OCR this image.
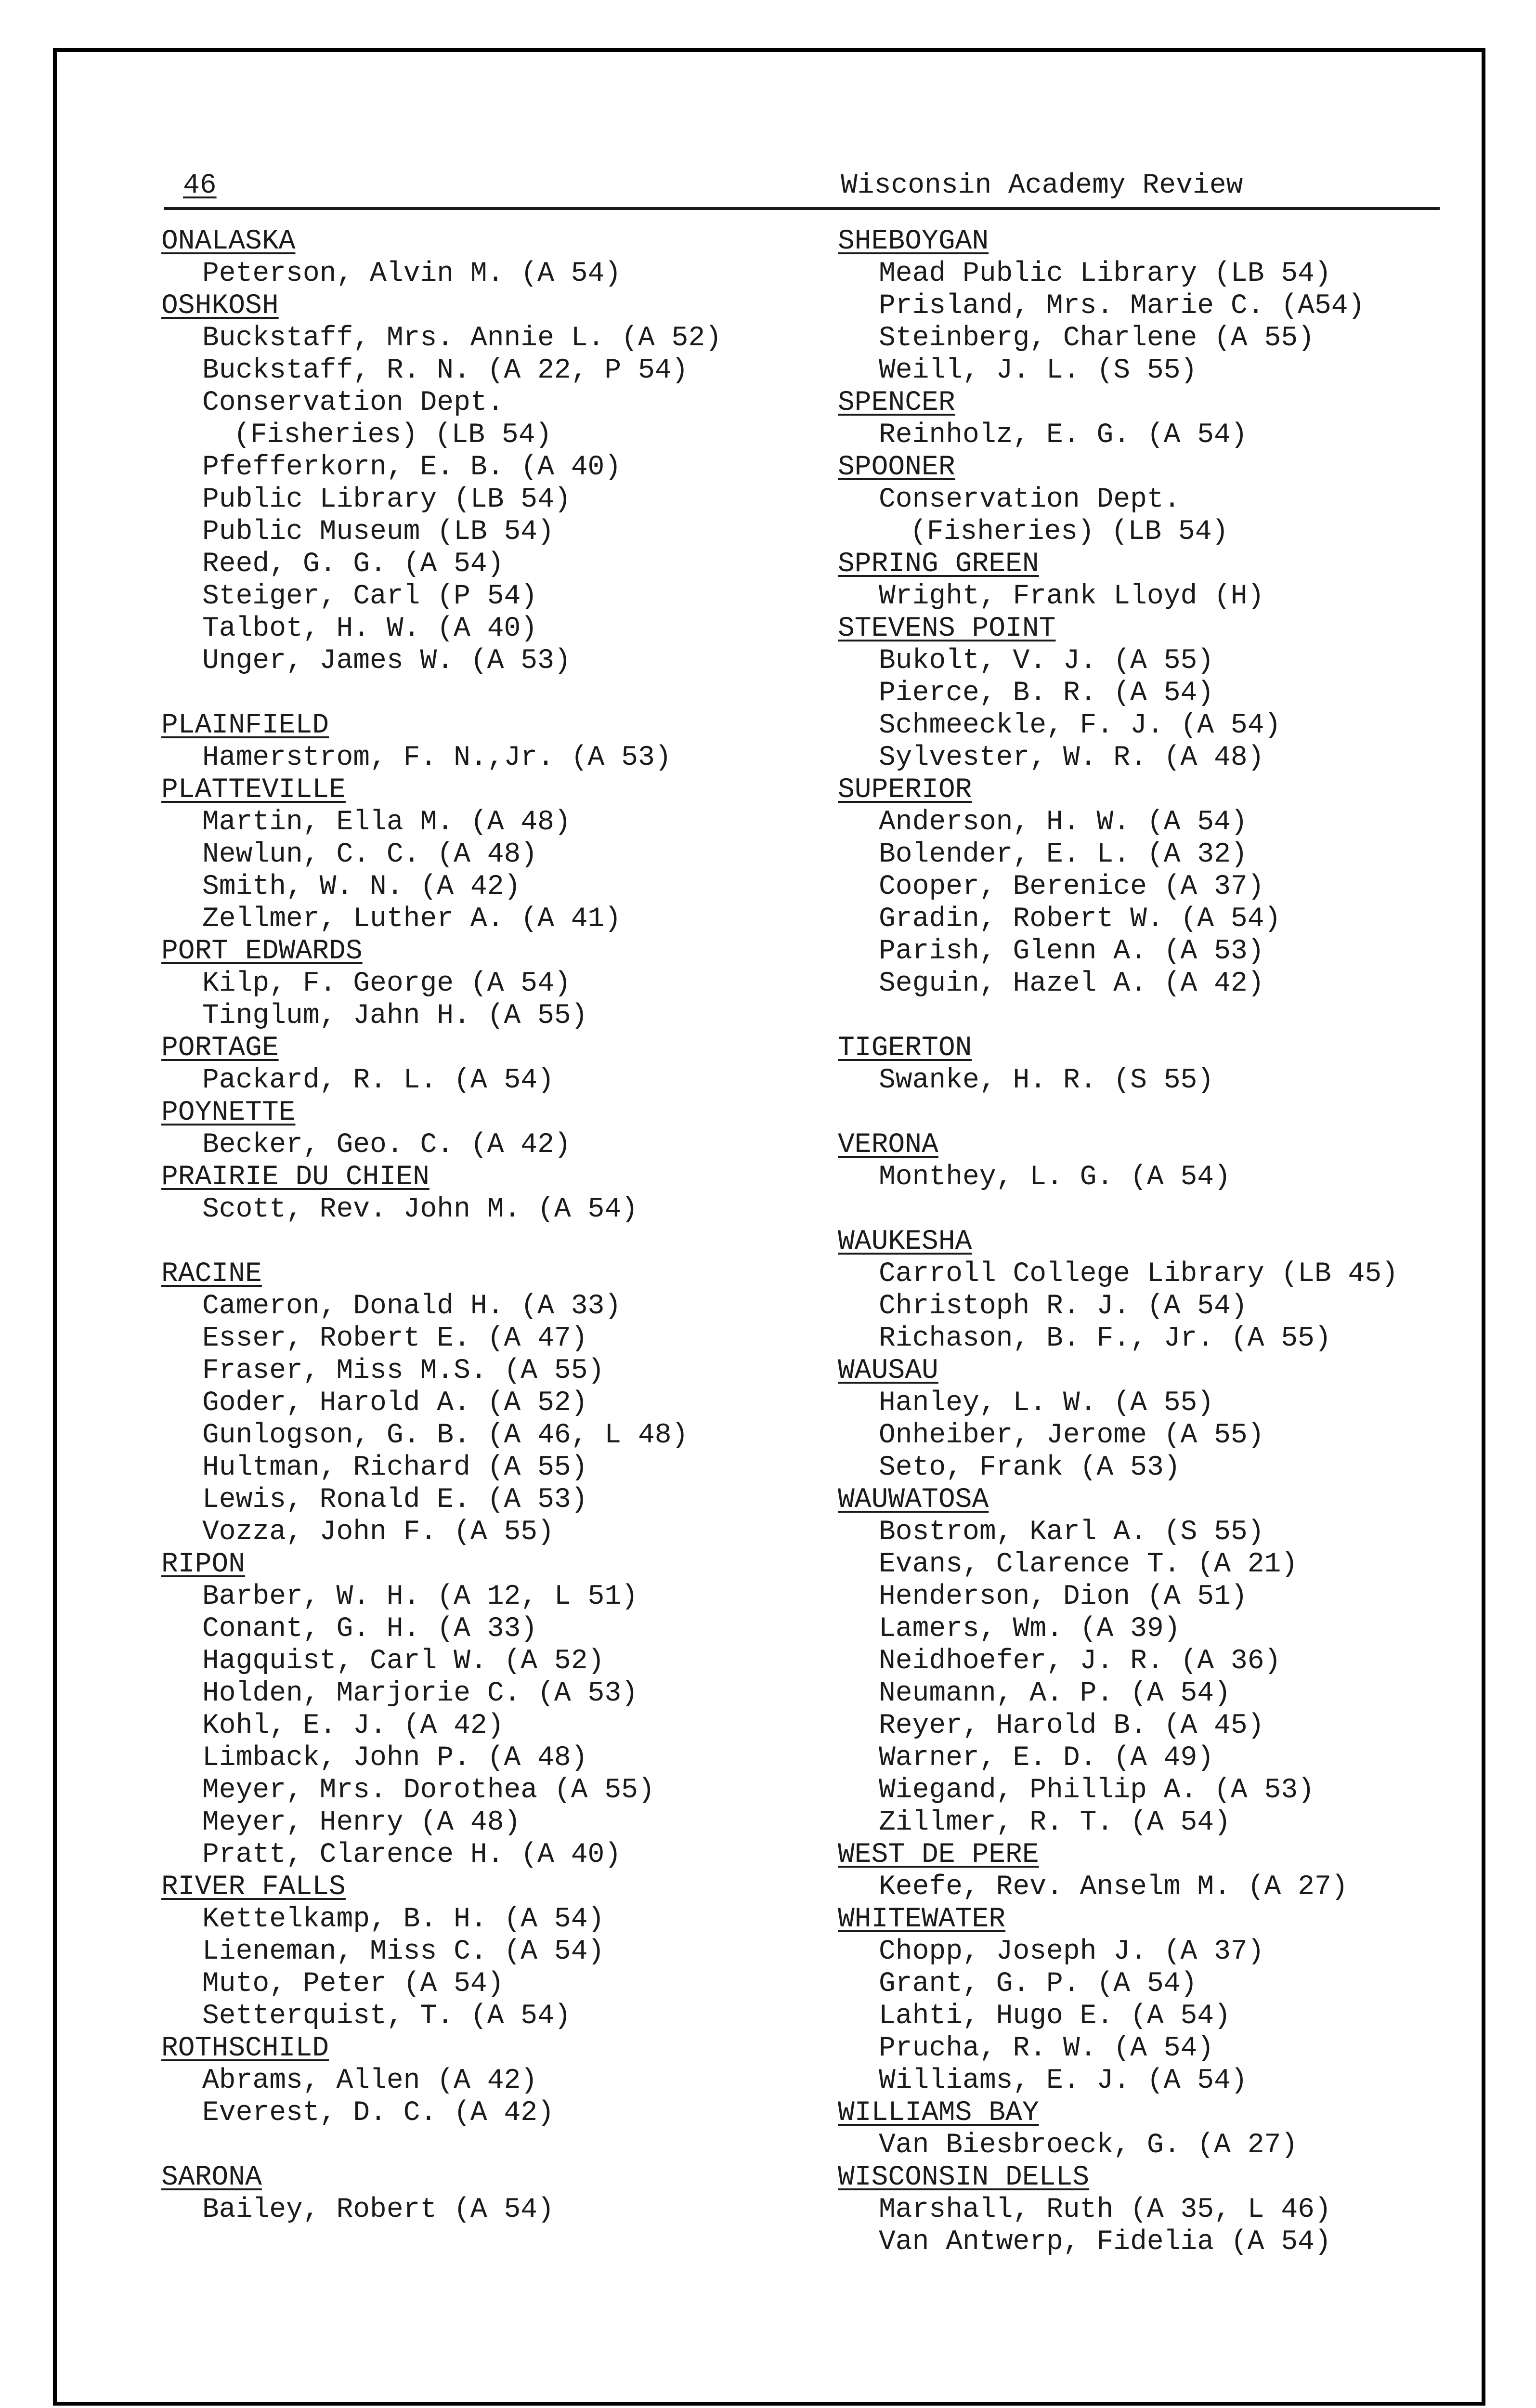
46	Wisconsin Academy Review
ONALASKA
Peterson, Alvin M. (A 54)
OSHKOSH
Buckstaff, Mrs. Annie L. (A 52)
Buckstaff, R. N. (A 22, P 54)
Conservation Dept.
(Fisheries) (LB 54)
Pfefferkorn, E. B. (A 40)
Public Library (LB 54)
Public Museum (LB 54)
Reed, G. G. (A 54)
Steiger, Carl (P 54)
Talbot, H. W. (A 40)
Unger, James W. (A 53)
PLAINFIELD
Hamerstrom, F. N.,Jr. (A 53)
PLATTEVILLE
Martin, Ella M. (A 48)
Newlun, C. C. (A 48)
Smith, W. N. (A 42)
Zellmer, Luther A. (A 41)
PORT EDWARDS
Kilp, F. George (A 54)
Tinglum, Jahn H. (A 55)
PORTAGE
Packard, R. L. (A 54)
POYNETTE
Becker, Geo. C. (A 42)
PRAIRIE DU CHIEN
Scott, Rev. John M. (A 54)
RACINE
Cameron, Donald H. (A 33)
Esser, Robert E. (A 47)
Fraser, Miss M.S. (A 55)
Goder, Harold A. (A 52)
Gunlogson, G. B. (A 46, L 48)
Hultman, Richard (A 55)
Lewis, Ronald E. (A 53)
Vozza, John F. (A 55)
RIPON
Barber, W. H. (A 12, L 51)
Conant, G. H. (A 33)
Hagquist, Carl W. (A 52)
Holden, Marjorie C. (A 53)
Kohl, E. J. (A 42)
Limback, John P. (A 48)
Meyer, Mrs. Dorothea (A 55)
Meyer, Henry (A 48)
Pratt, Clarence H. (A 40)
RIVER FALLS
Kettelkamp, B. H. (A 54)
Lieneman, Miss C. (A 54)
Muto, Peter (A 54)
Setterquist, T. (A 54)
ROTHSCHILD
Abrams, Allen (A 42)
Everest, D. C. (A 42)
SARONA
Bailey, Robert (A 54)
SHEBOYGAN
Mead Public Library (LB 54)
Prisland, Mrs. Marie C. (A54)
Steinberg, Charlene (A 55)
Weill, J. L. (S 55)
SPENCER
Reinholz, E. G. (A 54)
SPOONER
Conservation Dept.
(Fisheries) (LB 54)
SPRING GREEN
Wright, Frank Lloyd (H)
STEVENS POINT
Bukolt, V. J. (A 55)
Pierce, B. R. (A 54)
Schmeeckle, F. J. (A 54)
Sylvester, W. R. (A 48)
SUPERIOR
Anderson, H. W. (A 54)
Bolender, E. L. (A 32)
Cooper, Berenice (A 37)
Gradin, Robert W. (A 54)
Parish, Glenn A. (A 53)
Seguin, Hazel A. (A 42)
TIGERTON
Swanke, H. R. (S 55)
VERONA
Monthey, L. G. (A 54)
WAUKESHA
Carroll College Library (LB 45)
Christoph R. J. (A 54)
Richason, B. F., Jr. (A 55)
WAUSAU
Hanley, L. W. (A 55)
Onheiber, Jerome (A 55)
Seto, Frank (A 53)
WAUWATOSA
Bostrom, Karl A. (S 55)
Evans, Clarence T. (A 21)
Henderson, Dion (A 51)
Lamers, Wm. (A 39)
Neidhoefer, J. R. (A 36)
Neumann, A. P. (A 54)
Reyer, Harold B. (A 45)
Warner, E. D. (A 49)
Wiegand, Phillip A. (A 53)
Zillmer, R. T. (A 54)
WEST DE PERE
Keefe, Rev. Anselm M. (A 27)
WHITEWATER
Chopp, Joseph J. (A 37)
Grant, G. P. (A 54)
Lahti, Hugo E. (A 54)
Prucha, R. W. (A 54)
Williams, E. J. (A 54)
WILLIAMS BAY
Van Biesbroeck, G. (A 27)
WISCONSIN DELLS
Marshall, Ruth (A 35, L 46)
Van Antwerp, Fidelia (A 54)
